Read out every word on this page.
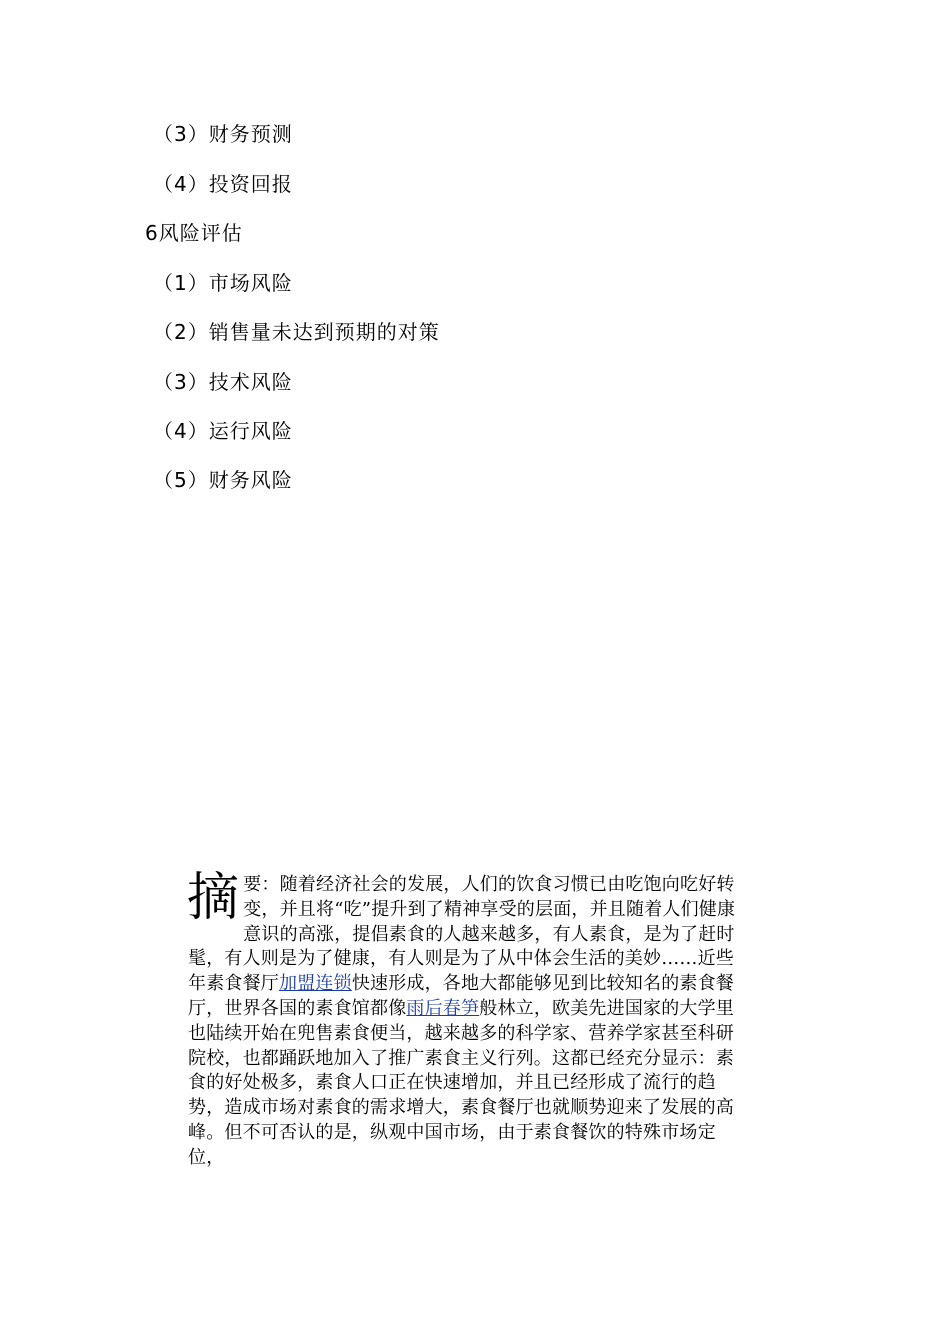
（3）财务预测
（4）投资回报
6风险评估
（1）市场风险
（2）销售量未达到预期的对策
（3）技术风险
（4）运行风险
（5）财务风险
摘要：随着经济社会的发展，人们的饮食习惯已由吃饱向吃好转变，并且将“吃”提升到了精神享受的层面，并且随着人们健康意识的高涨，提倡素食的人越来越多，有人素食，是为了赶时髦，有人则是为了健康，有人则是为了从中体会生活的美妙……近些年素食餐厅加盟连锁快速形成，各地大都能够见到比较知名的素食餐厅，世界各国的素食馆都像雨后春笋般林立，欧美先进国家的大学里也陆续开始在兜售素食便当，越来越多的科学家、营养学家甚至科研院校，也都踊跃地加入了推广素食主义行列。这都已经充分显示：素食的好处极多，素食人口正在快速增加，并且已经形成了流行的趋势，造成市场对素食的需求增大，素食餐厅也就顺势迎来了发展的高峰。但不可否认的是，纵观中国市场，由于素食餐饮的特殊市场定位，
